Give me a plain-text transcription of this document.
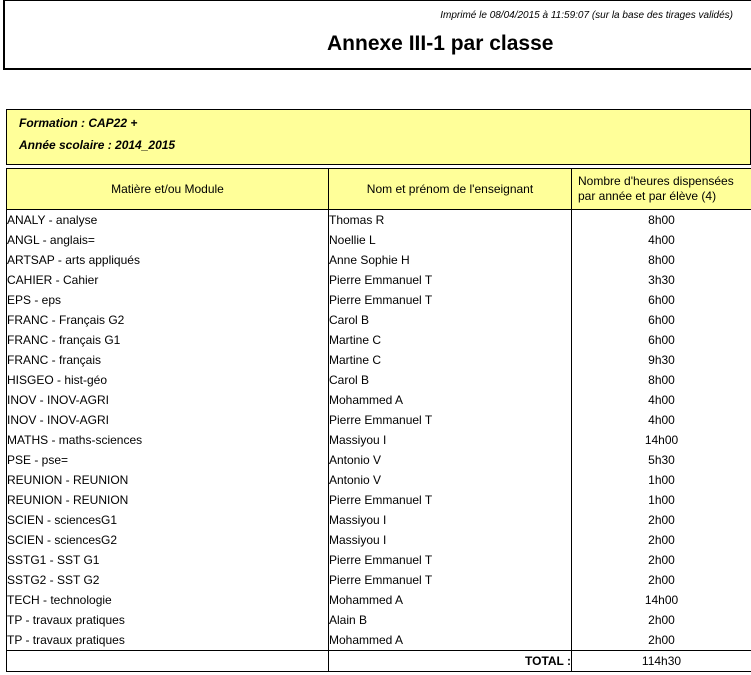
Imprimé le 08/04/2015 à 11:59:07 (sur la base des tirages validés)
Annexe III-1 par classe
Formation : CAP22 +
Année scolaire : 2014_2015
Matière et/ou Module	Nom et prénom de l'enseignant	Nombre d'heures dispensées par année et par élève (4)
ANALY - analyse	Thomas R	8h00
ANGL - anglais=	Noellie L	4h00
ARTSAP - arts appliqués	Anne Sophie H	8h00
CAHIER - Cahier	Pierre Emmanuel T	3h30
EPS - eps	Pierre Emmanuel T	6h00
FRANC - Français G2	Carol B	6h00
FRANC - français G1	Martine C	6h00
FRANC - français	Martine C	9h30
HISGEO - hist-géo	Carol B	8h00
INOV - INOV-AGRI	Mohammed A	4h00
INOV - INOV-AGRI	Pierre Emmanuel T	4h00
MATHS - maths-sciences	Massiyou I	14h00
PSE - pse=	Antonio V	5h30
REUNION - REUNION	Antonio V	1h00
REUNION - REUNION	Pierre Emmanuel T	1h00
SCIEN - sciencesG1	Massiyou I	2h00
SCIEN - sciencesG2	Massiyou I	2h00
SSTG1 - SST G1	Pierre Emmanuel T	2h00
SSTG2 - SST G2	Pierre Emmanuel T	2h00
TECH - technologie	Mohammed A	14h00
TP - travaux pratiques	Alain B	2h00
TP - travaux pratiques	Mohammed A	2h00
	TOTAL :	114h30
